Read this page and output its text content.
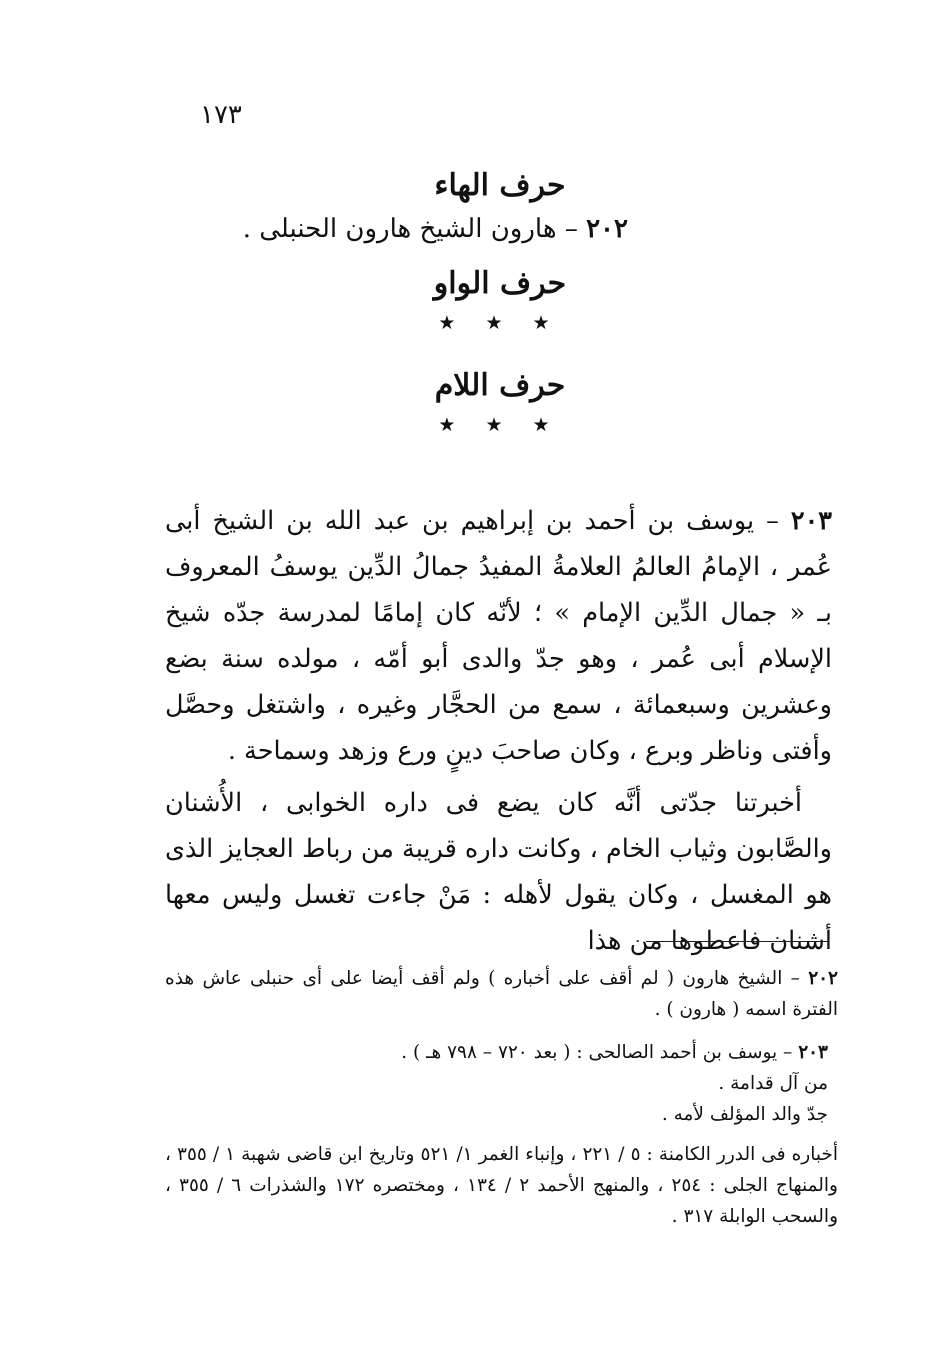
١٧٣
حرف الهاء
٢٠٢ – هارون الشيخ هارون الحنبلى .
حرف الواو
★ ★ ★
حرف اللام
★ ★ ★

٢٠٣ – يوسف بن أحمد بن إبراهيم بن عبد الله بن الشيخ أبى عُمر ، الإمامُ العالمُ العلامةُ المفيدُ جمالُ الدِّين يوسفُ المعروف بـ « جمال الدِّين الإمام » ؛ لأنّه كان إمامًا لمدرسة جدّه شيخ الإسلام أبى عُمر ، وهو جدّ والدى أبو أمّه ، مولده سنة بضع وعشرين وسبعمائة ، سمع من الحجَّار وغيره ، واشتغل وحصَّل وأفتى وناظر وبرع ، وكان صاحبَ دينٍ ورع وزهد وسماحة .

أخبرتنا جدّتى أنَّه كان يضع فى داره الخوابى ، الأُشنان والصَّابون وثياب الخام ، وكانت داره قريبة من رباط العجايز الذى هو المغسل ، وكان يقول لأهله : مَنْ جاءت تغسل وليس معها أشنان فاعطوها من هذا

٢٠٢ – الشيخ هارون ( لم أقف على أخباره ) ولم أقف أيضا على أى حنبلى عاش هذه الفترة اسمه ( هارون ) .
٢٠٣ – يوسف بن أحمد الصالحى : ( بعد ٧٢٠ – ٧٩٨ هـ ) .
من آل قدامة .
جدّ والد المؤلف لأمه .
أخباره فى الدرر الكامنة : ٥ / ٢٢١ ، وإنباء الغمر ١/ ٥٢١ وتاريخ ابن قاضى شهبة ١ / ٣٥٥ ، والمنهاج الجلى : ٢٥٤ ، والمنهج الأحمد ٢ / ١٣٤ ، ومختصره ١٧٢ والشذرات ٦ / ٣٥٥ ، والسحب الوابلة ٣١٧ .
